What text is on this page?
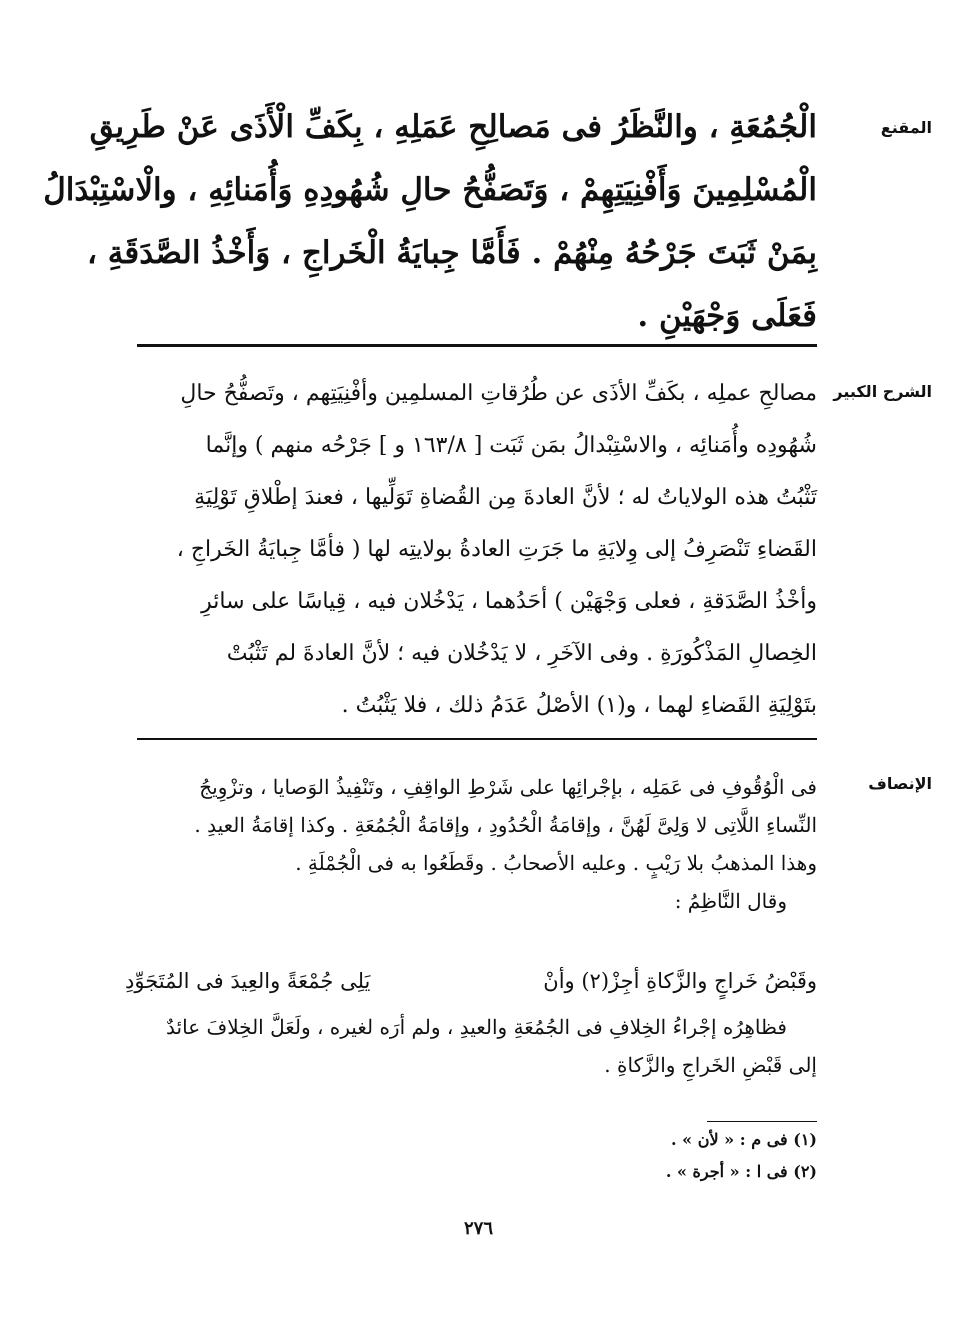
المقنع
الْجُمُعَةِ ، والنَّظَرُ فى مَصالِحِ عَمَلِهِ ، بِكَفِّ الْأَذَى عَنْ طَرِيقِ
الْمُسْلِمِينَ وَأَفْنِيَتِهِمْ ، وَتَصَفُّحُ حالِ شُهُودِهِ وَأُمَنائِهِ ، والْاسْتِبْدَالُ
بِمَنْ ثَبَتَ جَرْحُهُ مِنْهُمْ . فَأَمَّا جِبايَةُ الْخَراجِ ، وَأَخْذُ الصَّدَقَةِ ،
فَعَلَى وَجْهَيْنِ .
الشرح الكبير
مصالحِ عملِه ، بكَفِّ الأذَى عن طُرُقاتِ المسلمِين وأفْنِيَتِهم ، وتَصفُّحُ حالِ
شُهُودِه وأُمَنائِه ، والاسْتِبْدالُ بمَن ثَبَت [ ١٦٣/٨ و ] جَرْحُه منهم ) وإنَّما
تَثْبُتُ هذه الولاياتُ له ؛ لأنَّ العادةَ مِن القُضاةِ تَوَلِّيها ، فعندَ إطْلاقِ تَوْلِيَةِ
القَضاءِ تَنْصَرِفُ إلى وِلايَةِ ما جَرَتِ العادةُ بولايتِه لها ( فأمَّا جِبايَةُ الخَراجِ ،
وأخْذُ الصَّدَقةِ ، فعلى وَجْهَيْن ) أحَدُهما ، يَدْخُلان فيه ، قِياسًا على سائرِ
الخِصالِ المَذْكُورَةِ . وفى الآخَرِ ، لا يَدْخُلان فيه ؛ لأنَّ العادةَ لم تَثْبُتْ
بتَوْلِيَةِ القَضاءِ لهما ، و(١) الأصْلُ عَدَمُ ذلك ، فلا يَثْبُتُ .
الإنصاف
فى الْوُقُوفِ فى عَمَلِه ، بإجْرائِها على شَرْطِ الواقِفِ ، وتَنْفِيذُ الوَصايا ، وتزْوِيجُ
النِّساءِ اللَّاتِى لا وَلِىَّ لَهُنَّ ، وإقامَةُ الْحُدُودِ ، وإقامَةُ الْجُمُعَةِ . وكذا إقامَةُ العيدِ .
وهذا المذهبُ بلا رَيْبٍ . وعليه الأصحابُ . وقَطَعُوا به فى الْجُمْلَةِ .
وقال النَّاظِمُ :
وقَبْضُ خَراجٍ والزَّكاةِ أجِزْ(٢) وأنْ
يَلِى جُمْعَةً والعِيدَ فى المُتَجَوِّدِ
فظاهِرُه إجْراءُ الخِلافِ فى الجُمُعَةِ والعيدِ ، ولم أرَه لغيره ، ولَعَلَّ الخِلافَ عائدٌ
إلى قَبْضِ الخَراجِ والزَّكاةِ .
(١) فى م : « لأن » .
(٢) فى ا : « أجرة » .
٢٧٦
